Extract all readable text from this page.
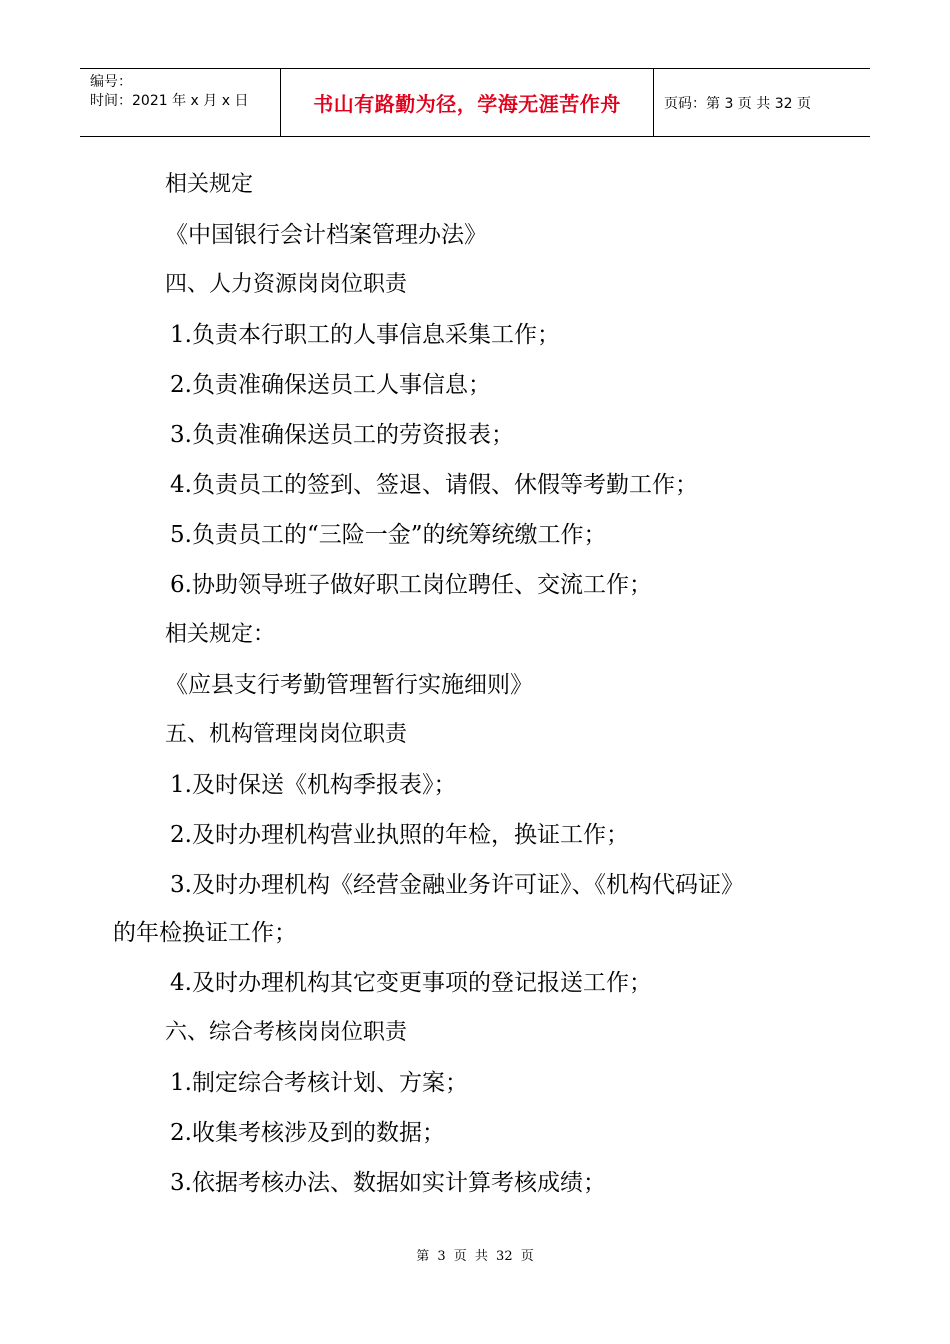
编号：
时间：2021 年 x 月 x 日	书山有路勤为径，学海无涯苦作舟	页码：第 3 页 共 32 页
相关规定
《中国银行会计档案管理办法》
四、人力资源岗岗位职责
1.负责本行职工的人事信息采集工作；
2.负责准确保送员工人事信息；
3.负责准确保送员工的劳资报表；
4.负责员工的签到、签退、请假、休假等考勤工作；
5.负责员工的“三险一金”的统筹统缴工作；
6.协助领导班子做好职工岗位聘任、交流工作；
相关规定：
《应县支行考勤管理暂行实施细则》
五、机构管理岗岗位职责
1.及时保送《机构季报表》；
2.及时办理机构营业执照的年检，换证工作；
3.及时办理机构《经营金融业务许可证》、《机构代码证》
的年检换证工作；
4.及时办理机构其它变更事项的登记报送工作；
六、综合考核岗岗位职责
1.制定综合考核计划、方案；
2.收集考核涉及到的数据；
3.依据考核办法、数据如实计算考核成绩；
第 3 页 共 32 页
